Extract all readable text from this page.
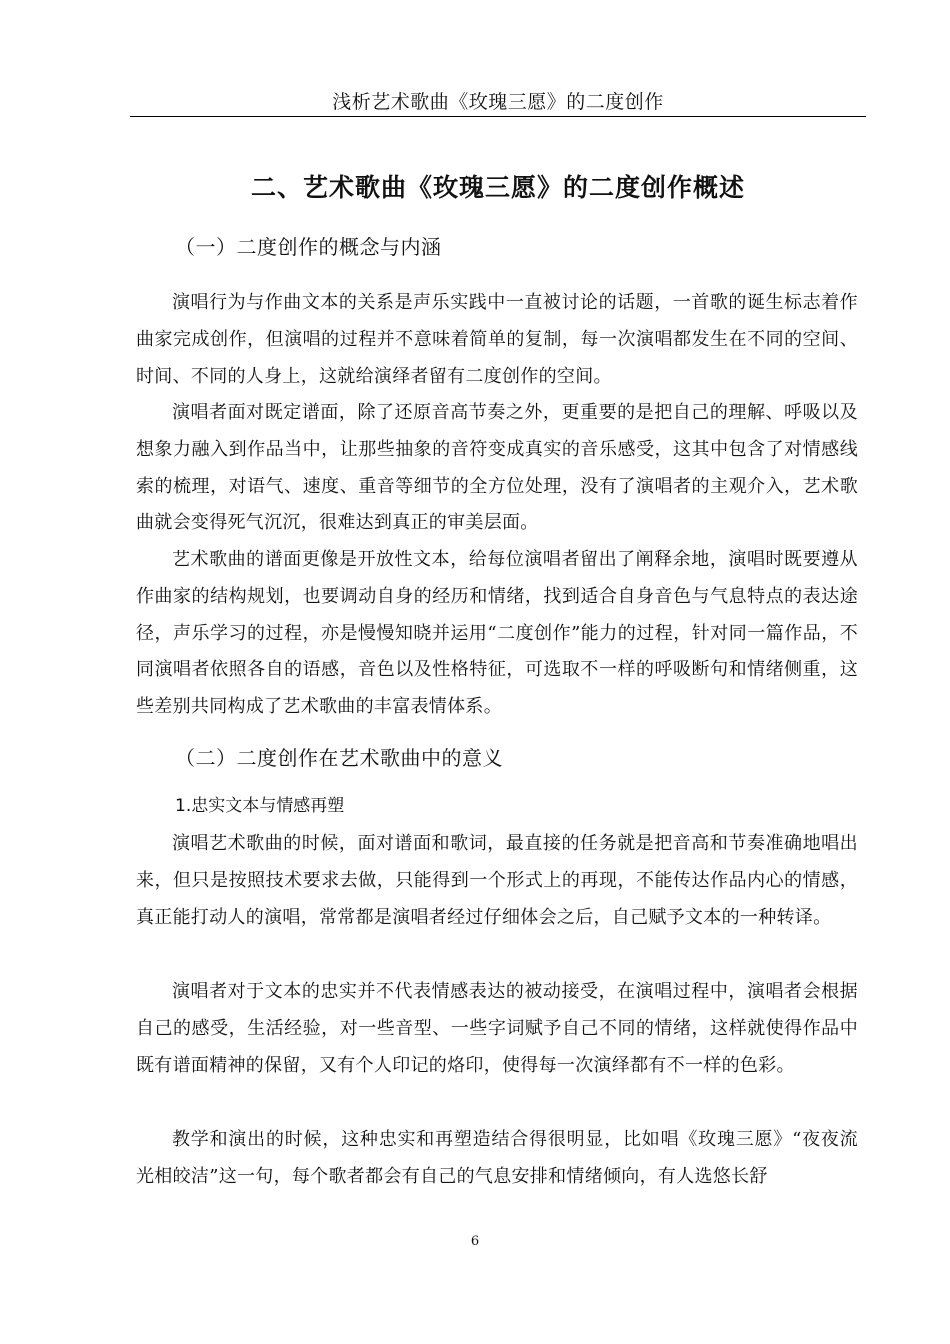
浅析艺术歌曲《玫瑰三愿》的二度创作
二、艺术歌曲《玫瑰三愿》的二度创作概述
（一）二度创作的概念与内涵

演唱行为与作曲文本的关系是声乐实践中一直被讨论的话题，一首歌的诞生标志着作曲家完成创作，但演唱的过程并不意味着简单的复制，每一次演唱都发生在不同的空间、时间、不同的人身上，这就给演绎者留有二度创作的空间。

演唱者面对既定谱面，除了还原音高节奏之外，更重要的是把自己的理解、呼吸以及想象力融入到作品当中，让那些抽象的音符变成真实的音乐感受，这其中包含了对情感线索的梳理，对语气、速度、重音等细节的全方位处理，没有了演唱者的主观介入，艺术歌曲就会变得死气沉沉，很难达到真正的审美层面。

艺术歌曲的谱面更像是开放性文本，给每位演唱者留出了阐释余地，演唱时既要遵从作曲家的结构规划，也要调动自身的经历和情绪，找到适合自身音色与气息特点的表达途径，声乐学习的过程，亦是慢慢知晓并运用“二度创作”能力的过程，针对同一篇作品，不同演唱者依照各自的语感，音色以及性格特征，可选取不一样的呼吸断句和情绪侧重，这些差别共同构成了艺术歌曲的丰富表情体系。

（二）二度创作在艺术歌曲中的意义
1.忠实文本与情感再塑

演唱艺术歌曲的时候，面对谱面和歌词，最直接的任务就是把音高和节奏准确地唱出来，但只是按照技术要求去做，只能得到一个形式上的再现，不能传达作品内心的情感，真正能打动人的演唱，常常都是演唱者经过仔细体会之后，自己赋予文本的一种转译。

演唱者对于文本的忠实并不代表情感表达的被动接受，在演唱过程中，演唱者会根据自己的感受，生活经验，对一些音型、一些字词赋予自己不同的情绪，这样就使得作品中既有谱面精神的保留，又有个人印记的烙印，使得每一次演绎都有不一样的色彩。

教学和演出的时候，这种忠实和再塑造结合得很明显，比如唱《玫瑰三愿》“夜夜流光相皎洁”这一句，每个歌者都会有自己的气息安排和情绪倾向，有人选悠长舒

6
